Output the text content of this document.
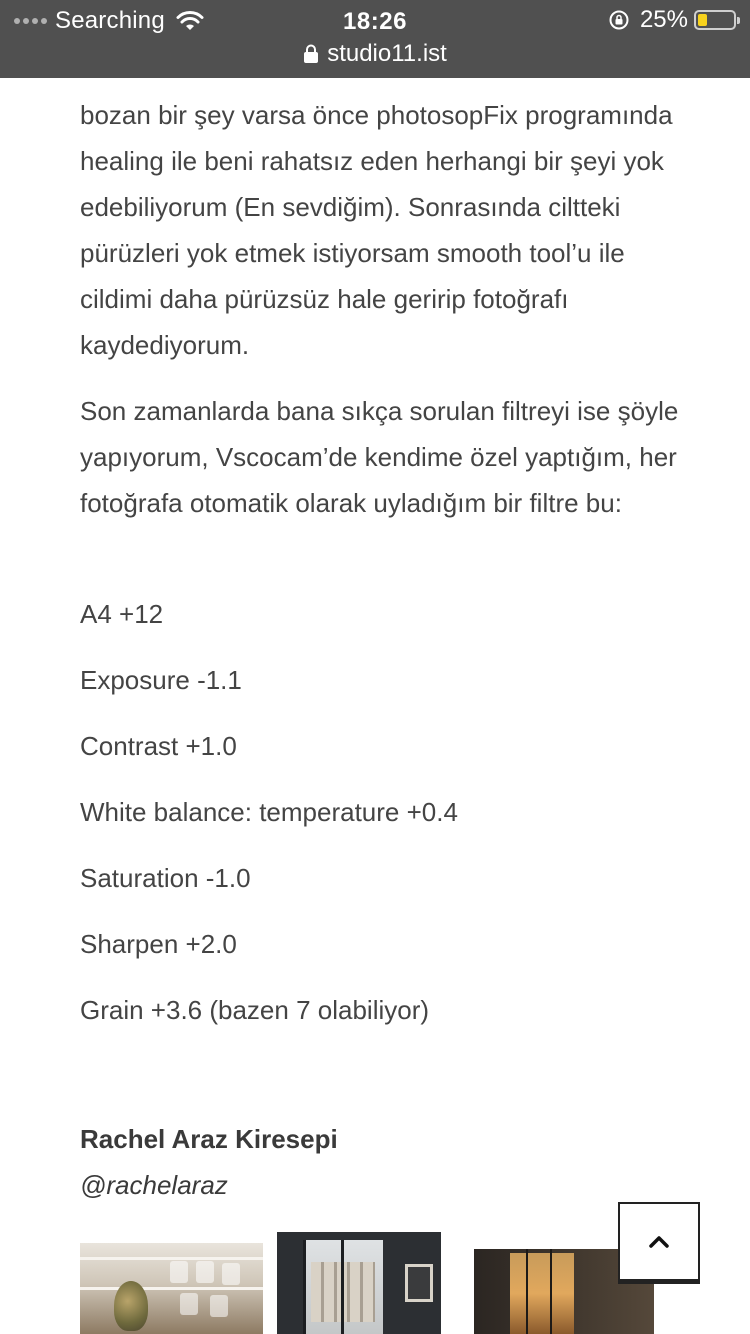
Searching	18:26	25%
studio11.ist

bozan bir şey varsa önce photosopFix programında healing ile beni rahatsız eden herhangi bir şeyi yok edebiliyorum (En sevdiğim). Sonrasında ciltteki pürüzleri yok etmek istiyorsam smooth tool’u ile cildimi daha pürüzsüz hale geririp fotoğrafı kaydediyorum.

Son zamanlarda bana sıkça sorulan filtreyi ise şöyle yapıyorum, Vscocam’de kendime özel yaptığım, her fotoğrafa otomatik olarak uyladığım bir filtre bu:

A4 +12
Exposure -1.1
Contrast +1.0
White balance: temperature +0.4
Saturation -1.0
Sharpen +2.0
Grain +3.6 (bazen 7 olabiliyor)
Rachel Araz Kiresepi
@rachelaraz
